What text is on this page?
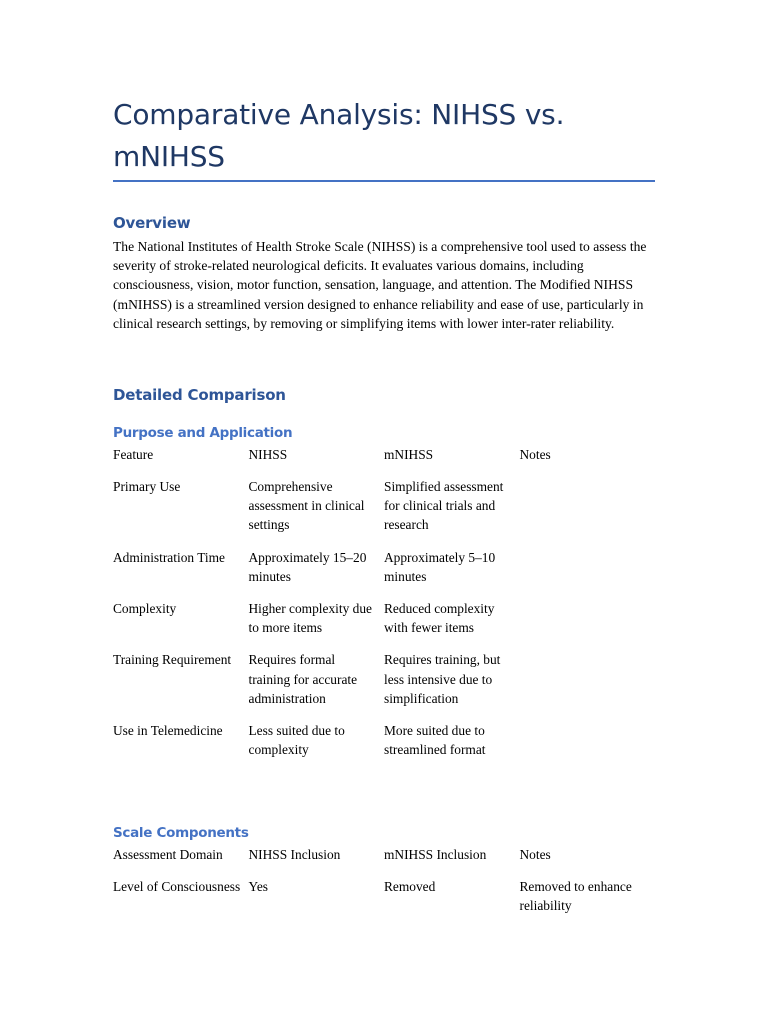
Comparative Analysis: NIHSS vs. mNIHSS
Overview

The National Institutes of Health Stroke Scale (NIHSS) is a comprehensive tool used to assess the severity of stroke-related neurological deficits. It evaluates various domains, including consciousness, vision, motor function, sensation, language, and attention. The Modified NIHSS (mNIHSS) is a streamlined version designed to enhance reliability and ease of use, particularly in clinical research settings, by removing or simplifying items with lower inter-rater reliability.

Detailed Comparison
Purpose and Application
Feature	NIHSS	mNIHSS	Notes
Primary Use	Comprehensive assessment in clinical settings	Simplified assessment for clinical trials and research	
Administration Time	Approximately 15–20 minutes	Approximately 5–10 minutes	
Complexity	Higher complexity due to more items	Reduced complexity with fewer items	
Training Requirement	Requires formal training for accurate administration	Requires training, but less intensive due to simplification	
Use in Telemedicine	Less suited due to complexity	More suited due to streamlined format	
Scale Components
Assessment Domain	NIHSS Inclusion	mNIHSS Inclusion	Notes
Level of Consciousness	Yes	Removed	Removed to enhance reliability
